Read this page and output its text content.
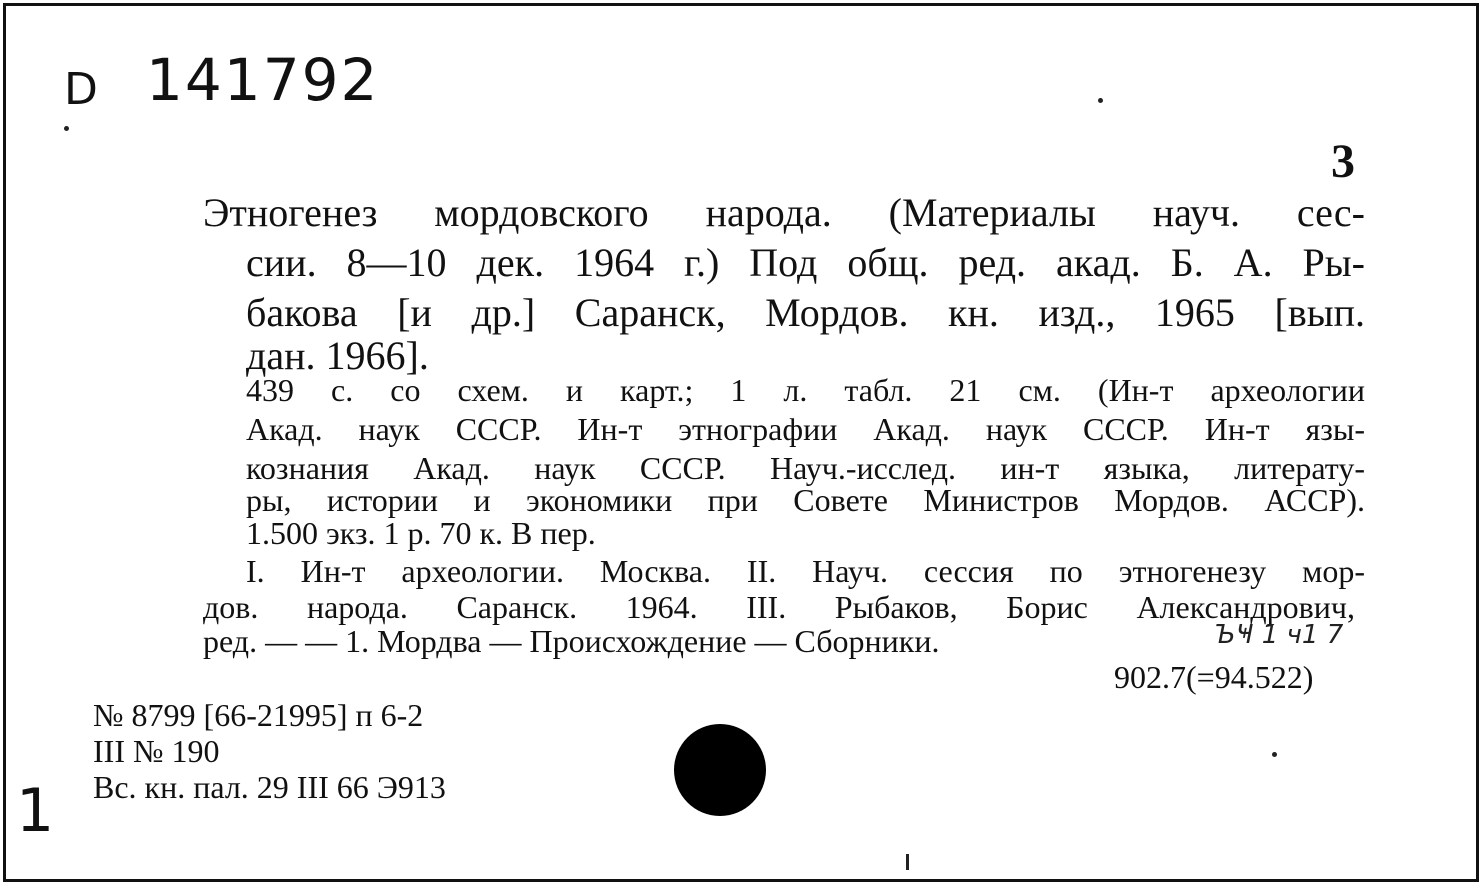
D 141792
3
Этногенез мордовского народа. (Материалы науч. сес-
сии. 8—10 дек. 1964 г.) Под общ. ред. акад. Б. А. Ры-
бакова [и др.] Саранск, Мордов. кн. изд., 1965 [вып.
дан. 1966].
439 с. со схем. и карт.; 1 л. табл. 21 см. (Ин-т археологии
Акад. наук СССР. Ин-т этнографии Акад. наук СССР. Ин-т язы-
кознания Акад. наук СССР. Науч.-исслед. ин-т языка, литерату-
ры, истории и экономики при Совете Министров Мордов. АССР).
1.500 экз. 1 р. 70 к. В пер.
I. Ин-т археологии. Москва. II. Науч. сессия по этногенезу мор-
дов. народа. Саранск. 1964. III. Рыбаков, Борис Александрович,
ред. — — 1. Мордва — Происхождение — Сборники.	ЪҸ 1 ч1 7
902.7(=94.522)
№ 8799 [66-21995] п 6-2
III № 190
Вс. кн. пал. 29 III 66 Э913
1
